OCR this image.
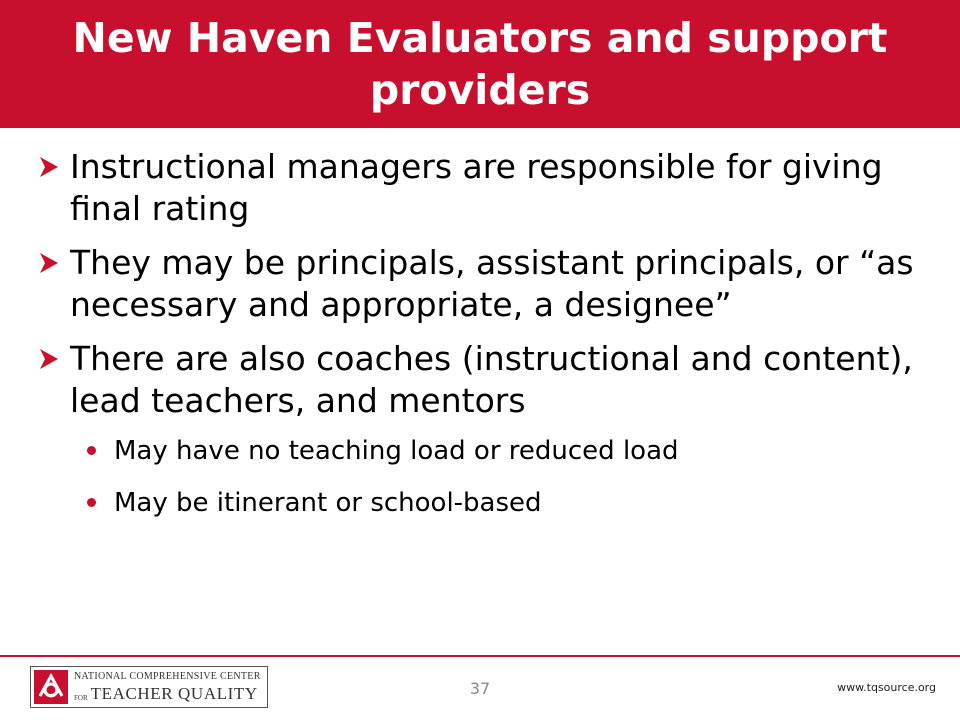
New Haven Evaluators and support providers
Instructional managers are responsible for giving final rating
They may be principals, assistant principals, or “as necessary and appropriate, a designee”
There are also coaches (instructional and content), lead teachers, and mentors
May have no teaching load or reduced load
May be itinerant or school-based
NATIONAL COMPREHENSIVE CENTER
FOR TEACHER QUALITY	37	www.tqsource.org
